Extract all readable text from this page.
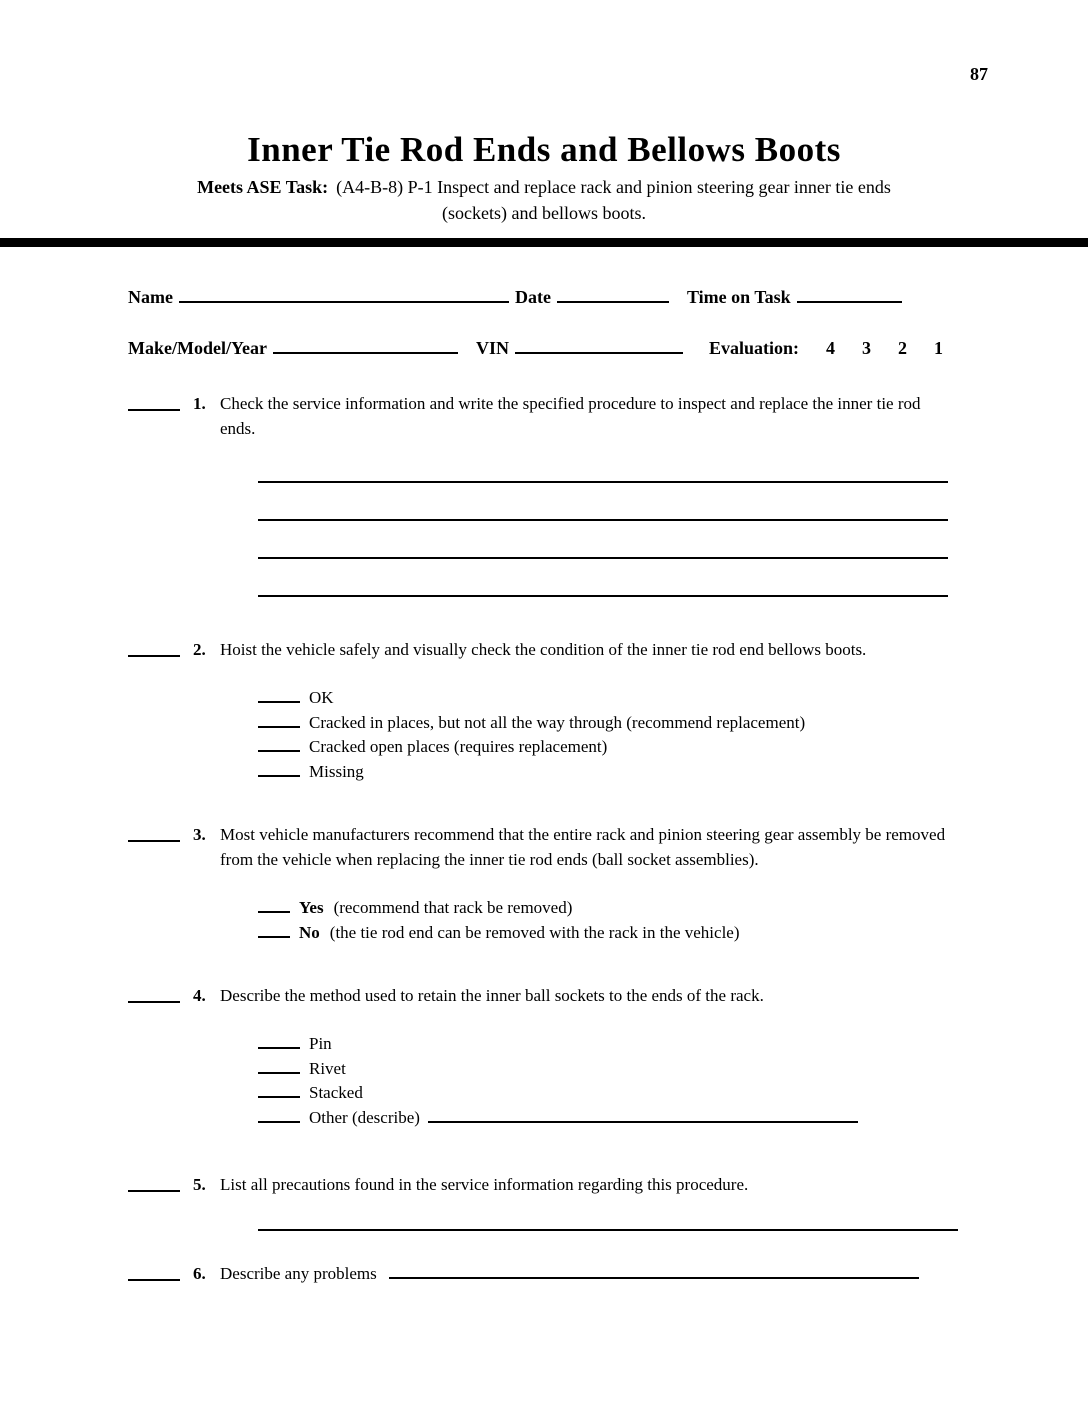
87
Inner Tie Rod Ends and Bellows Boots
Meets ASE Task: (A4-B-8) P-1 Inspect and replace rack and pinion steering gear inner tie ends
(sockets) and bellows boots.
Name	Date	Time on Task
Make/Model/Year	VIN	Evaluation: 4 3 2 1
1. Check the service information and write the specified procedure to inspect and replace the inner tie rod ends.

2. Hoist the vehicle safely and visually check the condition of the inner tie rod end bellows boots.

OK
Cracked in places, but not all the way through (recommend replacement)
Cracked open places (requires replacement)
Missing
3. Most vehicle manufacturers recommend that the entire rack and pinion steering gear assembly be removed from the vehicle when replacing the inner tie rod ends (ball socket assemblies).

Yes (recommend that rack be removed)
No (the tie rod end can be removed with the rack in the vehicle)
4. Describe the method used to retain the inner ball sockets to the ends of the rack.

Pin
Rivet
Stacked
Other (describe)
5. List all precautions found in the service information regarding this procedure.

6. Describe any problems
